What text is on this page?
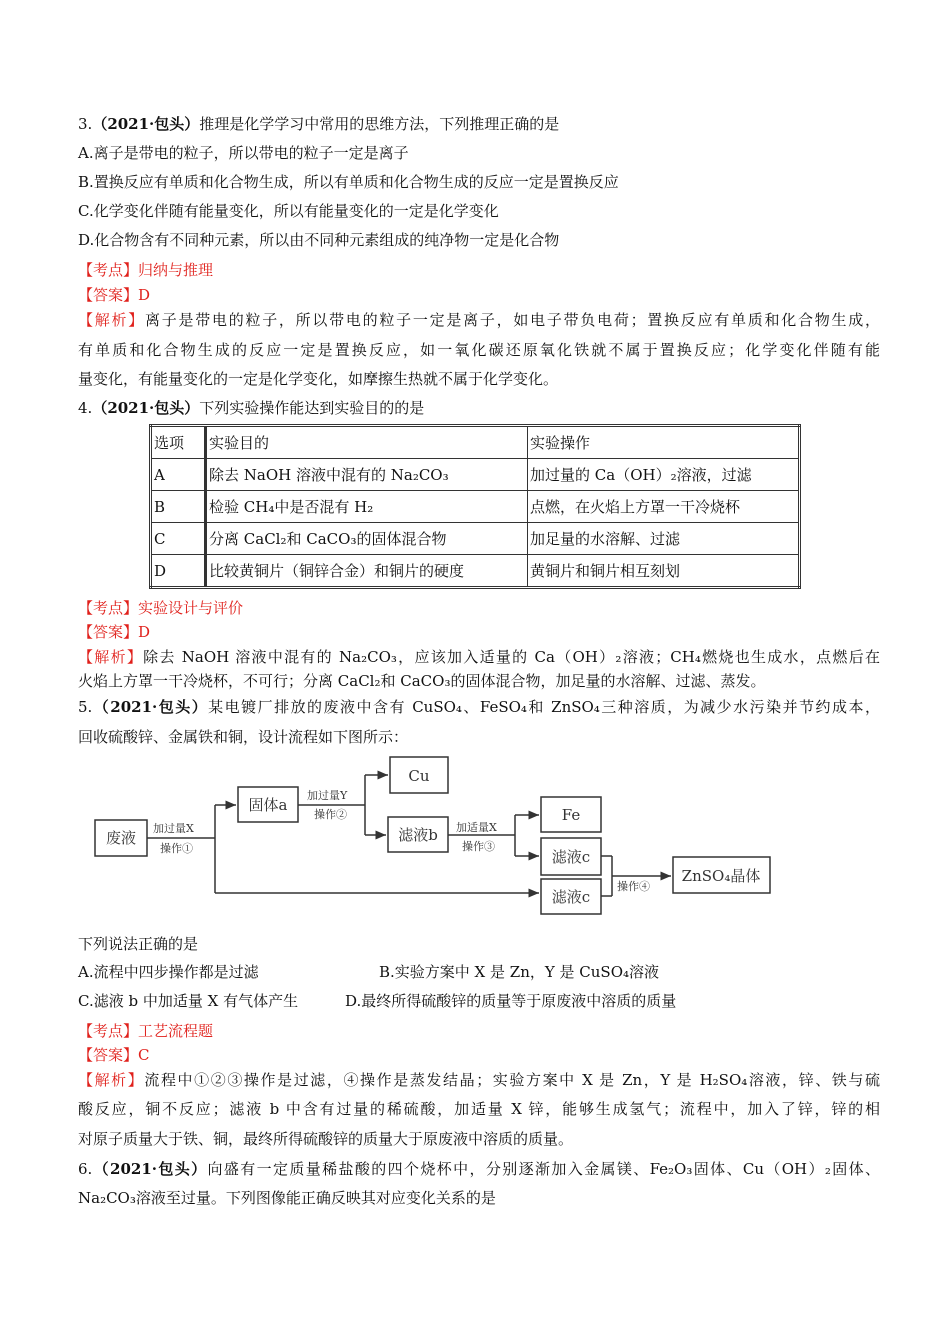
3.（2021·包头）推理是化学学习中常用的思维方法，下列推理正确的是
A.离子是带电的粒子，所以带电的粒子一定是离子
B.置换反应有单质和化合物生成，所以有单质和化合物生成的反应一定是置换反应
C.化学变化伴随有能量变化，所以有能量变化的一定是化学变化
D.化合物含有不同种元素，所以由不同种元素组成的纯净物一定是化合物
【考点】归纳与推理
【答案】D
【解析】离子是带电的粒子，所以带电的粒子一定是离子，如电子带负电荷；置换反应有单质和化合物生成，
有单质和化合物生成的反应一定是置换反应，如一氧化碳还原氧化铁就不属于置换反应；化学变化伴随有能
量变化，有能量变化的一定是化学变化，如摩擦生热就不属于化学变化。
4.（2021·包头）下列实验操作能达到实验目的的是
选项	实验目的	实验操作
A	除去 NaOH 溶液中混有的 Na₂CO₃	加过量的 Ca（OH）₂溶液，过滤
B	检验 CH₄中是否混有 H₂	点燃，在火焰上方罩一干冷烧杯
C	分离 CaCl₂和 CaCO₃的固体混合物	加足量的水溶解、过滤
D	比较黄铜片（铜锌合金）和铜片的硬度	黄铜片和铜片相互刻划
【考点】实验设计与评价
【答案】D
【解析】除去 NaOH 溶液中混有的 Na₂CO₃，应该加入适量的 Ca（OH）₂溶液；CH₄燃烧也生成水，点燃后在
火焰上方罩一干冷烧杯，不可行；分离 CaCl₂和 CaCO₃的固体混合物，加足量的水溶解、过滤、蒸发。
5.（2021·包头）某电镀厂排放的废液中含有 CuSO₄、FeSO₄和 ZnSO₄三种溶质，为减少水污染并节约成本，
回收硫酸锌、金属铁和铜，设计流程如下图所示：
废液
固体a
Cu
滤液b
Fe
滤液c
滤液c
ZnSO₄晶体
加过量X
操作①
加过量Y
操作②
加适量X
操作③
操作④
下列说法正确的是
A.流程中四步操作都是过滤	B.实验方案中 X 是 Zn，Y 是 CuSO₄溶液
C.滤液 b 中加适量 X 有气体产生	D.最终所得硫酸锌的质量等于原废液中溶质的质量
【考点】工艺流程题
【答案】C
【解析】流程中①②③操作是过滤，④操作是蒸发结晶；实验方案中 X 是 Zn，Y 是 H₂SO₄溶液，锌、铁与硫
酸反应，铜不反应；滤液 b 中含有过量的稀硫酸，加适量 X 锌，能够生成氢气；流程中，加入了锌，锌的相
对原子质量大于铁、铜，最终所得硫酸锌的质量大于原废液中溶质的质量。
6.（2021·包头）向盛有一定质量稀盐酸的四个烧杯中，分别逐渐加入金属镁、Fe₂O₃固体、Cu（OH）₂固体、
Na₂CO₃溶液至过量。下列图像能正确反映其对应变化关系的是
